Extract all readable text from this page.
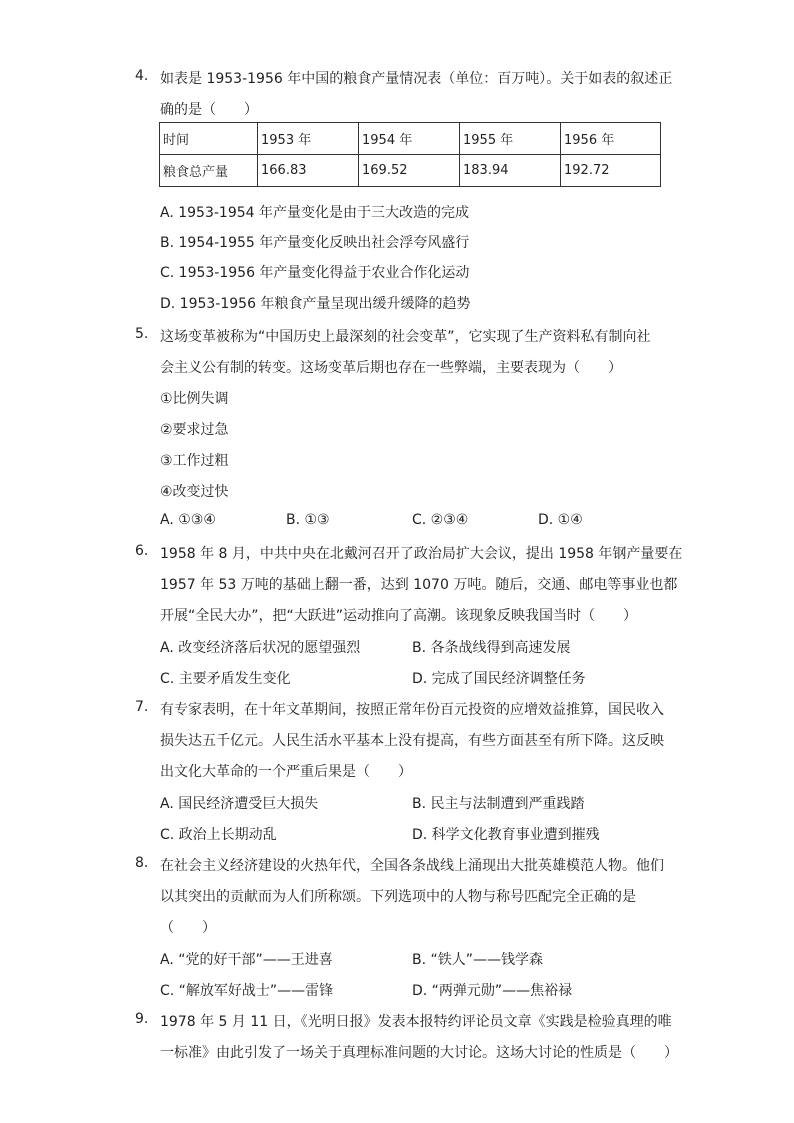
4. 如表是 1953-1956 年中国的粮食产量情况表（单位：百万吨）。关于如表的叙述正
确的是（　　）
时间	1953 年	1954 年	1955 年	1956 年
粮食总产量	166.83	169.52	183.94	192.72
A. 1953-1954 年产量变化是由于三大改造的完成
B. 1954-1955 年产量变化反映出社会浮夸风盛行
C. 1953-1956 年产量变化得益于农业合作化运动
D. 1953-1956 年粮食产量呈现出缓升缓降的趋势
5. 这场变革被称为“中国历史上最深刻的社会变革”，它实现了生产资料私有制向社
会主义公有制的转变。这场变革后期也存在一些弊端，主要表现为（　　）
①比例失调
②要求过急
③工作过粗
④改变过快
A. ①③④	B. ①③	C. ②③④	D. ①④
6. 1958 年 8 月，中共中央在北戴河召开了政治局扩大会议，提出 1958 年钢产量要在
1957 年 53 万吨的基础上翻一番，达到 1070 万吨。随后，交通、邮电等事业也都
开展“全民大办”，把“大跃进”运动推向了高潮。该现象反映我国当时（　　）
A. 改变经济落后状况的愿望强烈	B. 各条战线得到高速发展
C. 主要矛盾发生变化	D. 完成了国民经济调整任务
7. 有专家表明，在十年文革期间，按照正常年份百元投资的应增效益推算，国民收入
损失达五千亿元。人民生活水平基本上没有提高，有些方面甚至有所下降。这反映
出文化大革命的一个严重后果是（　　）
A. 国民经济遭受巨大损失	B. 民主与法制遭到严重践踏
C. 政治上长期动乱	D. 科学文化教育事业遭到摧残
8. 在社会主义经济建设的火热年代，全国各条战线上涌现出大批英雄模范人物。他们
以其突出的贡献而为人们所称颂。下列选项中的人物与称号匹配完全正确的是
（　　）
A. “党的好干部”——王进喜	B. “铁人”——钱学森
C. “解放军好战士”——雷锋	D. “两弹元勋”——焦裕禄
9. 1978 年 5 月 11 日，《光明日报》发表本报特约评论员文章《实践是检验真理的唯
一标准》由此引发了一场关于真理标准问题的大讨论。这场大讨论的性质是（　　）
